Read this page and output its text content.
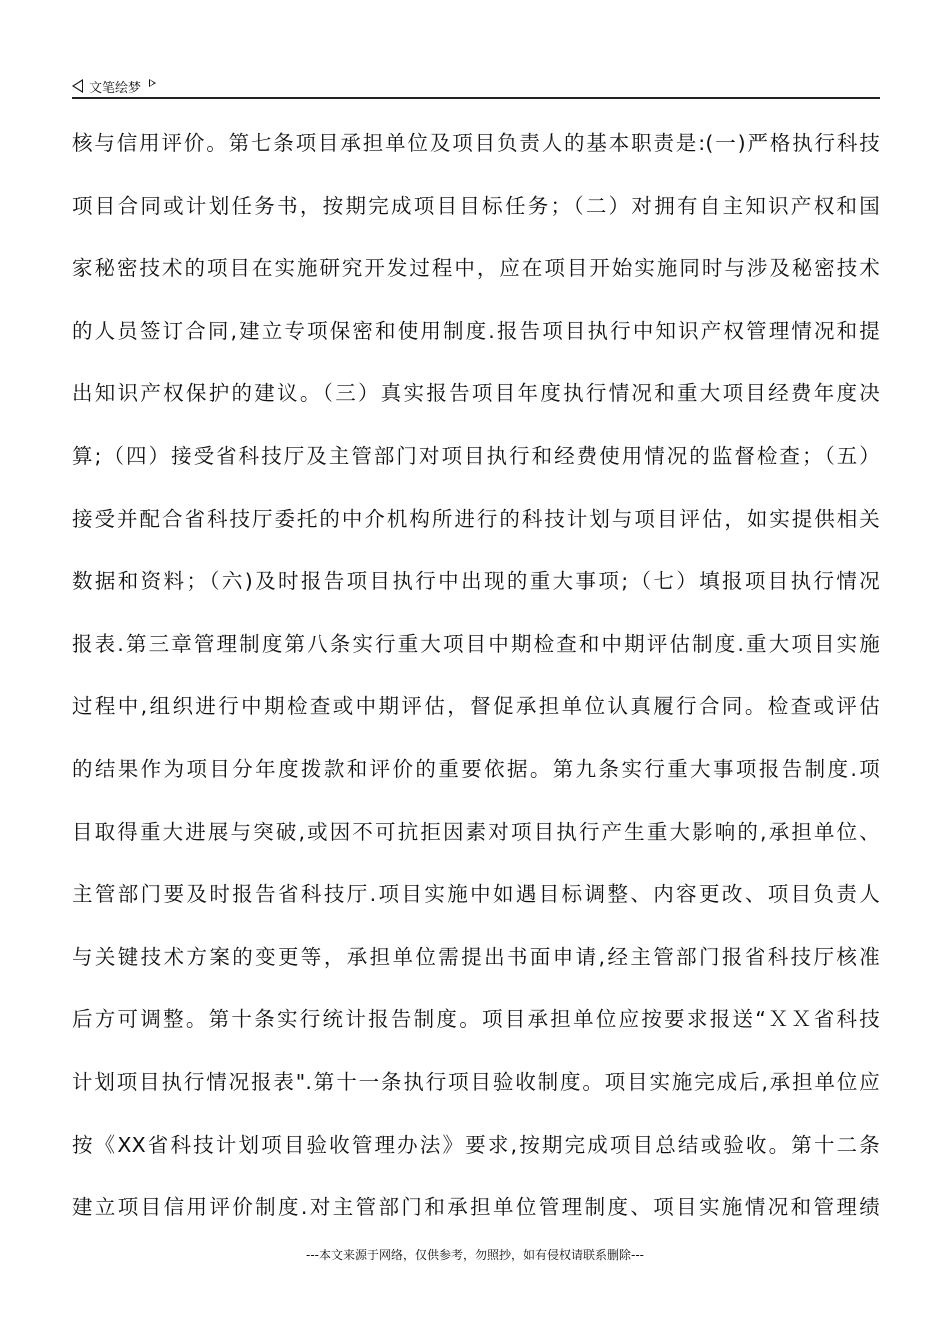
文笔绘梦
核与信用评价。第七条项目承担单位及项目负责人的基本职责是:(一)严格执行科技
项目合同或计划任务书，按期完成项目目标任务；（二）对拥有自主知识产权和国
家秘密技术的项目在实施研究开发过程中，应在项目开始实施同时与涉及秘密技术
的人员签订合同,建立专项保密和使用制度.报告项目执行中知识产权管理情况和提
出知识产权保护的建议。（三）真实报告项目年度执行情况和重大项目经费年度决
算;（四）接受省科技厅及主管部门对项目执行和经费使用情况的监督检查；（五）
接受并配合省科技厅委托的中介机构所进行的科技计划与项目评估，如实提供相关
数据和资料；（六)及时报告项目执行中出现的重大事项;（七）填报项目执行情况
报表.第三章管理制度第八条实行重大项目中期检查和中期评估制度.重大项目实施
过程中,组织进行中期检查或中期评估，督促承担单位认真履行合同。检查或评估
的结果作为项目分年度拨款和评价的重要依据。第九条实行重大事项报告制度.项
目取得重大进展与突破,或因不可抗拒因素对项目执行产生重大影响的,承担单位、
主管部门要及时报告省科技厅.项目实施中如遇目标调整、内容更改、项目负责人
与关键技术方案的变更等，承担单位需提出书面申请,经主管部门报省科技厅核准
后方可调整。第十条实行统计报告制度。项目承担单位应按要求报送“ＸＸ省科技
计划项目执行情况报表".第十一条执行项目验收制度。项目实施完成后,承担单位应
按《XX省科技计划项目验收管理办法》要求,按期完成项目总结或验收。第十二条
建立项目信用评价制度.对主管部门和承担单位管理制度、项目实施情况和管理绩
---本文来源于网络，仅供参考，勿照抄，如有侵权请联系删除---
